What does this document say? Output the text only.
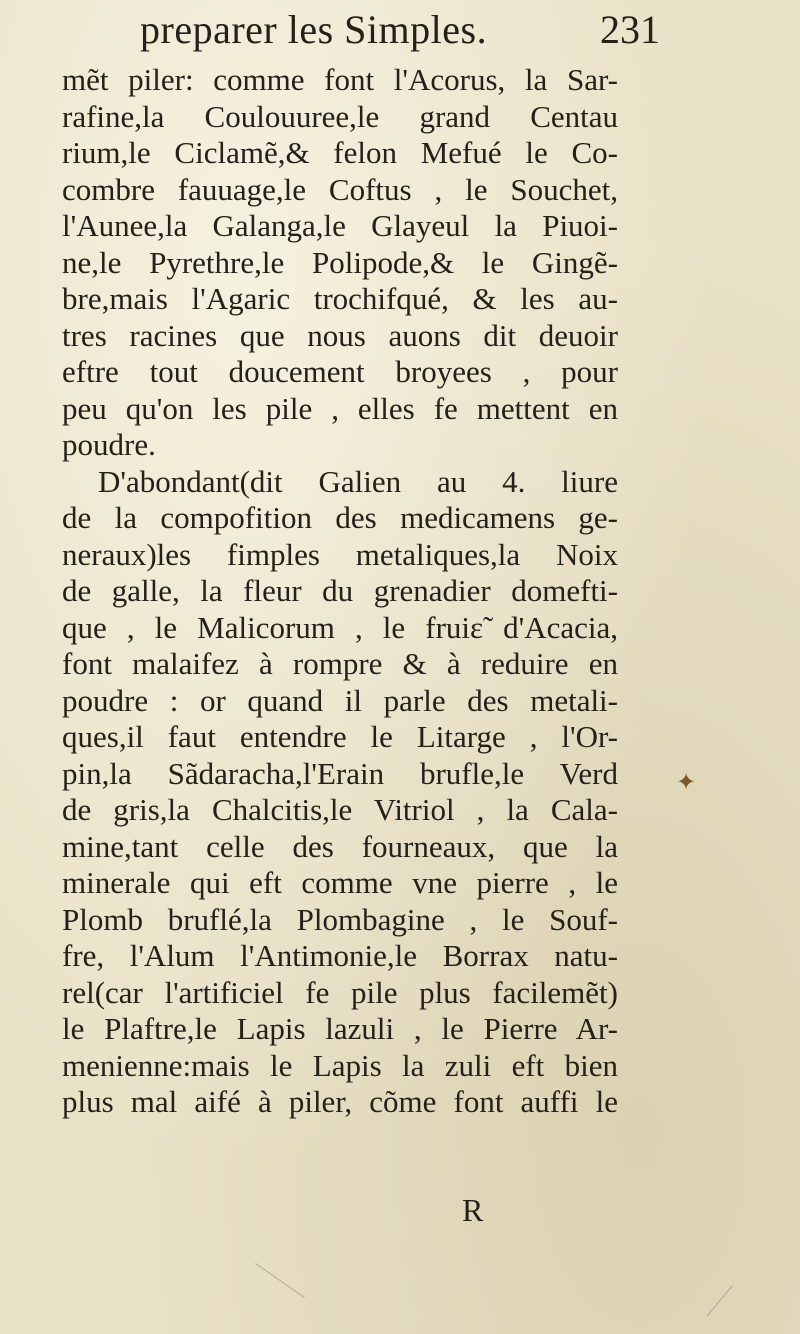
preparer les Simples.	231
mẽt piler: comme font l'Acorus, la Sar-
rafine,la Coulouuree,le grand Centau
rium,le Ciclamẽ,& felon Mefué le Co-
combre fauuage,le Coftus , le Souchet,
l'Aunee,la Galanga,le Glayeul la Piuoi-
ne,le Pyrethre,le Polipode,& le Gingẽ-
bre,mais l'Agaric trochifqué, & les au-
tres racines que nous auons dit deuoir
eftre tout doucement broyees , pour
peu qu'on les pile , elles fe mettent en
poudre.
D'abondant(dit Galien au 4. liure
de la compofition des medicamens ge-
neraux)les fimples metaliques,la Noix
de galle, la fleur du grenadier domefti-
que , le Malicorum , le fruiɛ̃ d'Acacia,
font malaifez à rompre & à reduire en
poudre : or quand il parle des metali-
ques,il faut entendre le Litarge , l'Or-
pin,la Sãdaracha,l'Erain brufle,le Verd
de gris,la Chalcitis,le Vitriol , la Cala-
mine,tant celle des fourneaux, que la
minerale qui eft comme vne pierre , le
Plomb bruflé,la Plombagine , le Souf-
fre, l'Alum l'Antimonie,le Borrax natu-
rel(car l'artificiel fe pile plus facilemẽt)
le Plaftre,le Lapis lazuli , le Pierre Ar-
menienne:mais le Lapis la zuli eft bien
plus mal aifé à piler, cõme font auffi le
✦
R
